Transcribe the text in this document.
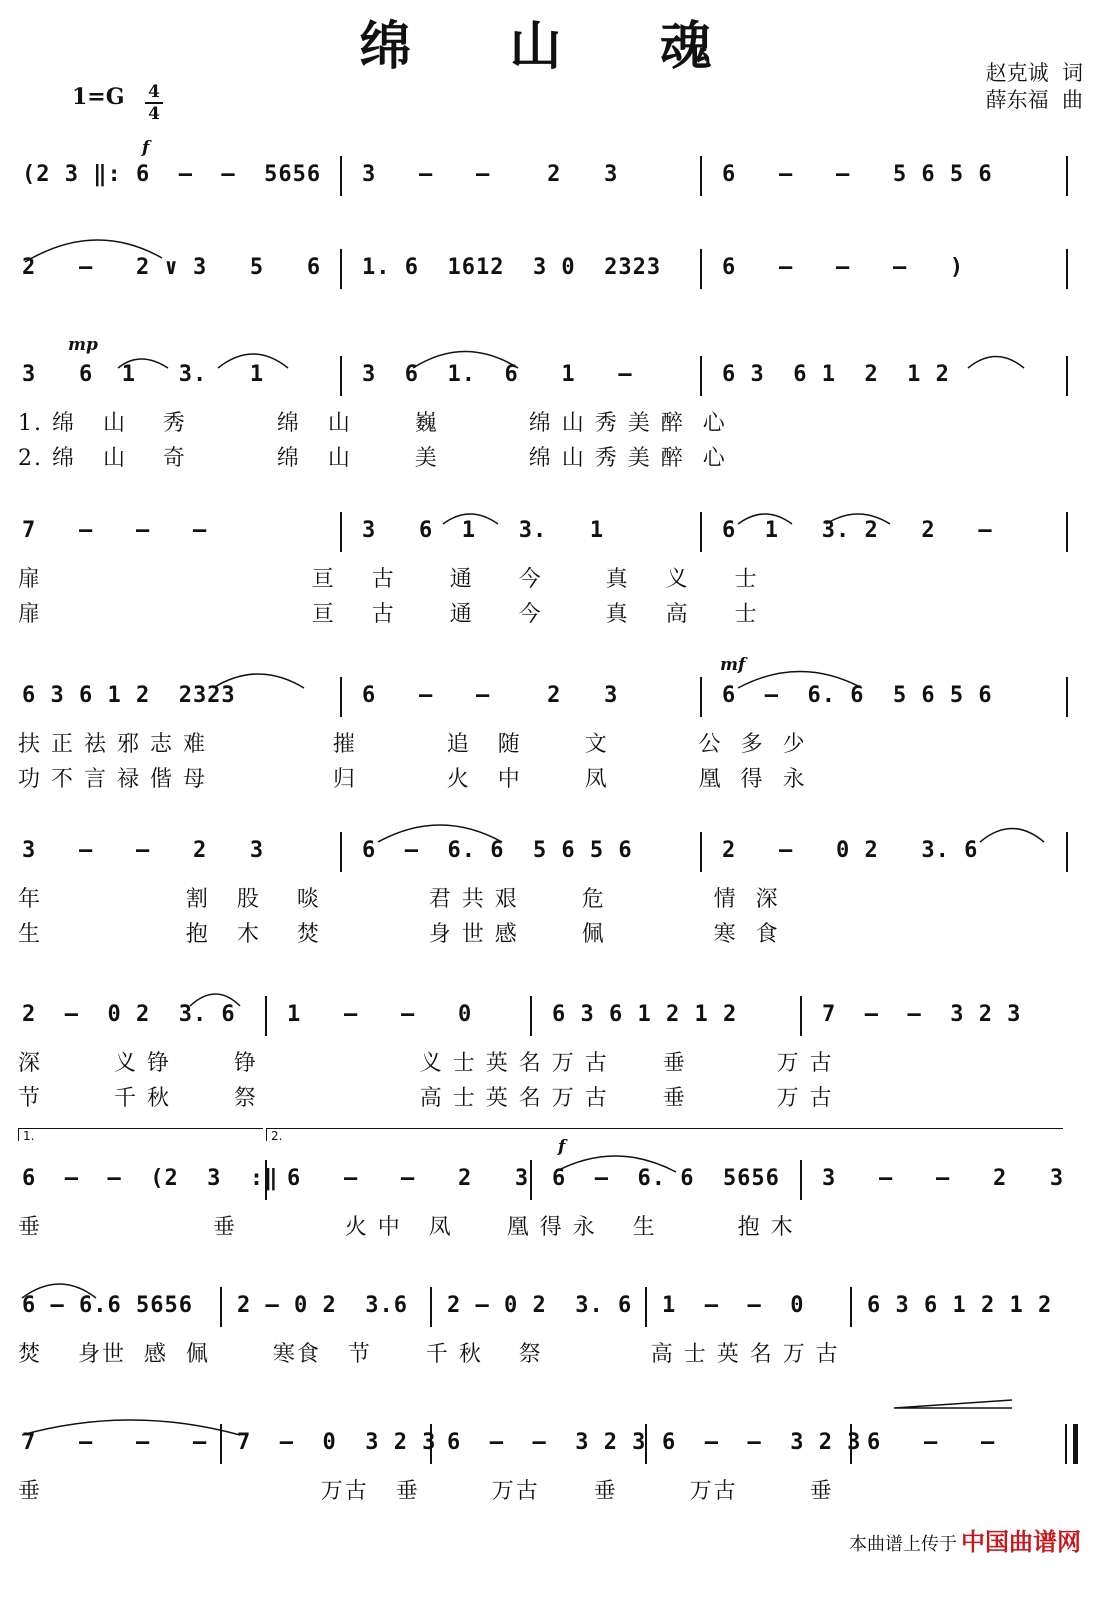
绵 山 魂	赵克诚  词
薛东福  曲
1=G 4
4
f
mp
mf
f
(2 3 ‖: 6  –  –  5656	3   –   –    2   3	6   –   –   5 6 5 6
2   –   2 ∨ 3   5   6	1. 6  1612  3 0  2323	6   –   –   –   )
3   6  1   3.   1	3  6  1.  6   1   –	6 3  6 1  2  1 2
1. 绵   山    秀          绵   山       巍          绵 山 秀 美 醉  心
2. 绵   山    奇          绵   山       美          绵 山 秀 美 醉  心
7   –   –   –	3   6  1   3.   1	6  1   3. 2   2   –
扉                              亘    古      通     今       真    义     士
扉                              亘    古      通     今       真    高     士
6 3 6 1 2  2323	6   –   –    2   3	6  –  6. 6  5 6 5 6
扶 正 祛 邪 志 难              摧          追   随       文          公  多  少
功 不 言 禄 偕 母              归          火   中       凤          凰  得  永
3   –   –   2   3	6  –  6. 6  5 6 5 6	2   –   0 2   3. 6
年                割   股    啖            君 共 艰       危            情  深
生                抱   木    焚            身 世 感       佩            寒  食
2  –  0 2  3. 6	1   –   –   0	6 3 6 1 2 1 2	7  –  –  3 2 3
深        义 铮       铮                  义 士 英 名 万 古      垂          万 古
节        千 秋       祭                  高 士 英 名 万 古      垂          万 古
6  –  –  (2  3  :‖ 6   –   –   2   3 6  –  6. 6  5656	3   –   –   2   3
垂                   垂            火 中   凤      凰 得 永    生         抱 木
1.	2.
6 – 6.6 5656	2 – 0 2  3.6	2 – 0 2  3. 6	1  –  –  0	6 3 6 1 2 1 2
焚    身世  感  佩       寒食   节      千 秋    祭            高 士 英 名 万 古
7   –   –   –	7  –  0  3 2 3 6  –  –  3 2 3 6  –  –  3 2 3 6   –   –
垂                               万古   垂        万古      垂        万古        垂
本曲谱上传于 中国曲谱网
